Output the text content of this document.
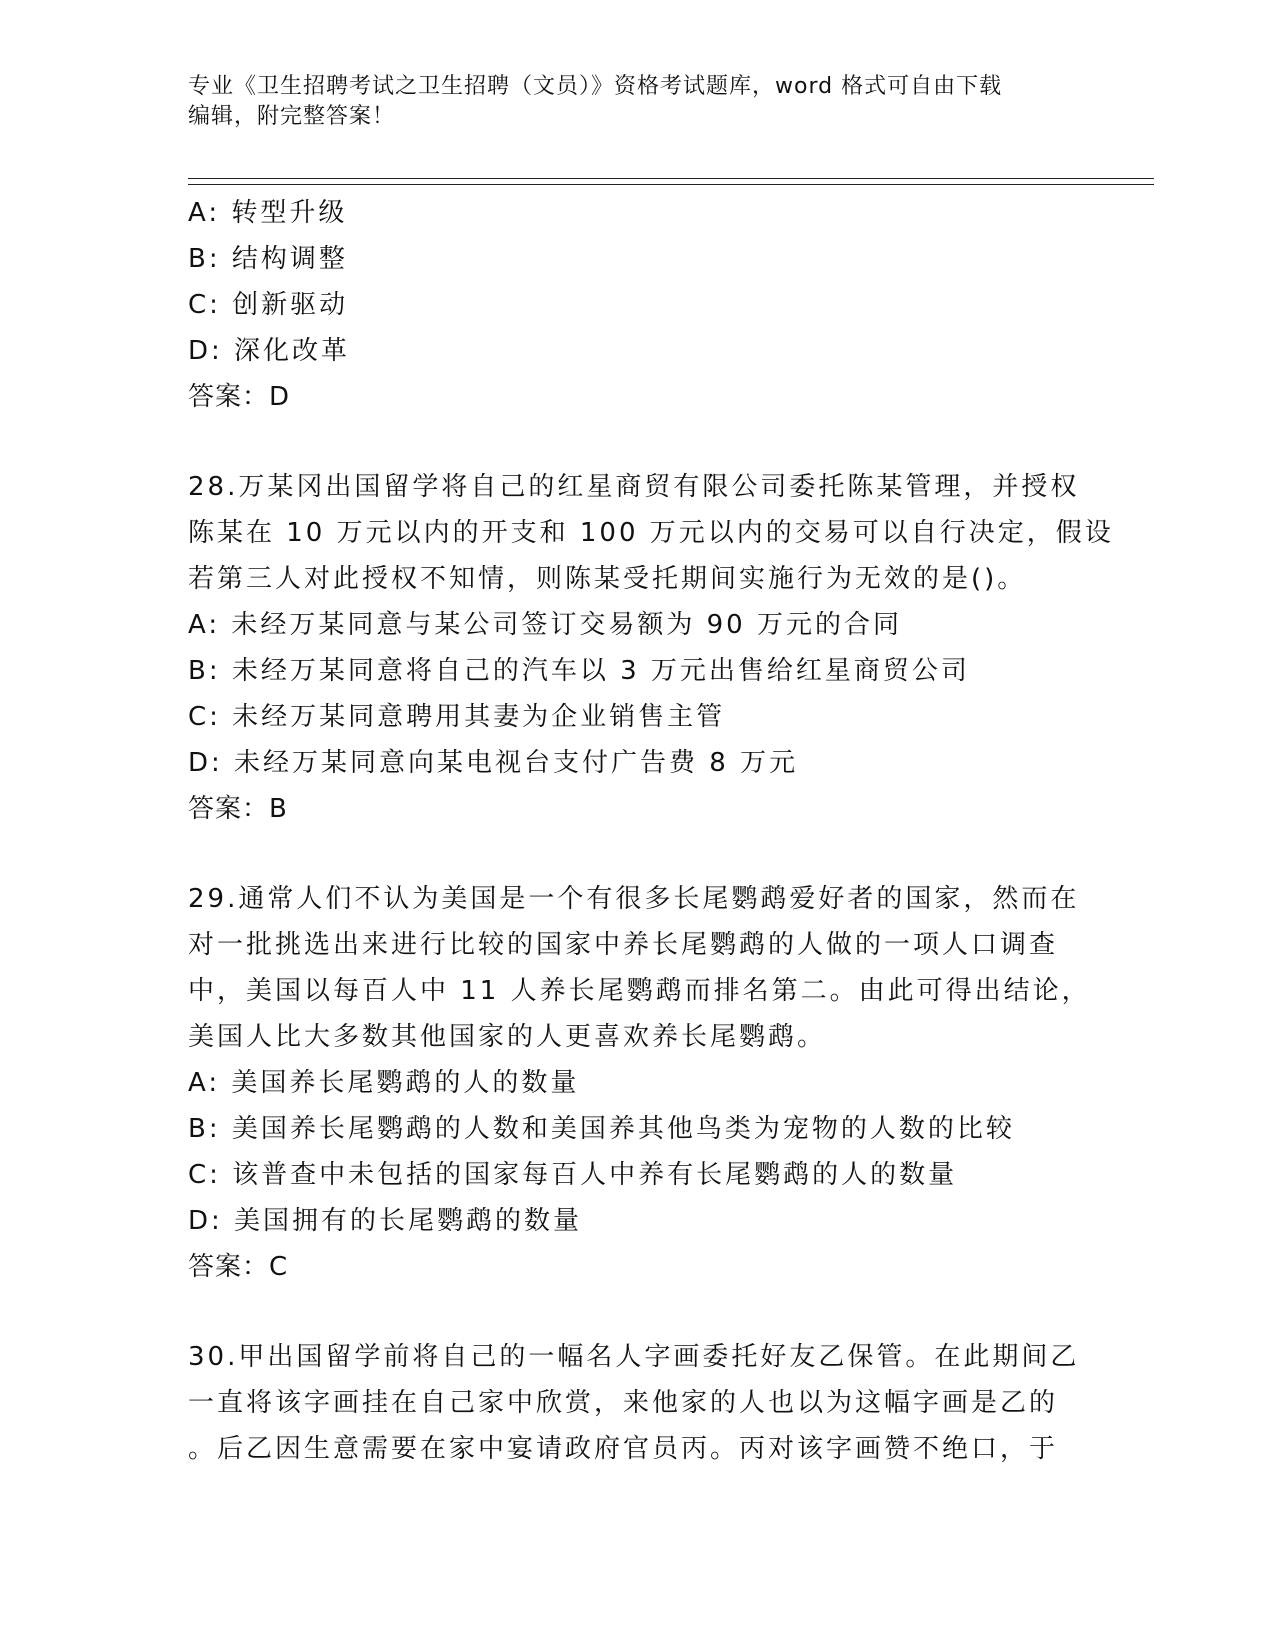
专业《卫生招聘考试之卫生招聘（文员）》资格考试题库，word 格式可自由下载
编辑，附完整答案！
A: 转型升级
B: 结构调整
C: 创新驱动
D: 深化改革
答案：D
28.万某冈出国留学将自己的红星商贸有限公司委托陈某管理，并授权
陈某在 10 万元以内的开支和 100 万元以内的交易可以自行决定，假设
若第三人对此授权不知情，则陈某受托期间实施行为无效的是()。
A: 未经万某同意与某公司签订交易额为 90 万元的合同
B: 未经万某同意将自己的汽车以 3 万元出售给红星商贸公司
C: 未经万某同意聘用其妻为企业销售主管
D: 未经万某同意向某电视台支付广告费 8 万元
答案：B
29.通常人们不认为美国是一个有很多长尾鹦鹉爱好者的国家，然而在
对一批挑选出来进行比较的国家中养长尾鹦鹉的人做的一项人口调查
中，美国以每百人中 11 人养长尾鹦鹉而排名第二。由此可得出结论，
美国人比大多数其他国家的人更喜欢养长尾鹦鹉。
A: 美国养长尾鹦鹉的人的数量
B: 美国养长尾鹦鹉的人数和美国养其他鸟类为宠物的人数的比较
C: 该普查中未包括的国家每百人中养有长尾鹦鹉的人的数量
D: 美国拥有的长尾鹦鹉的数量
答案：C
30.甲出国留学前将自己的一幅名人字画委托好友乙保管。在此期间乙
一直将该字画挂在自己家中欣赏，来他家的人也以为这幅字画是乙的
。后乙因生意需要在家中宴请政府官员丙。丙对该字画赞不绝口，于
